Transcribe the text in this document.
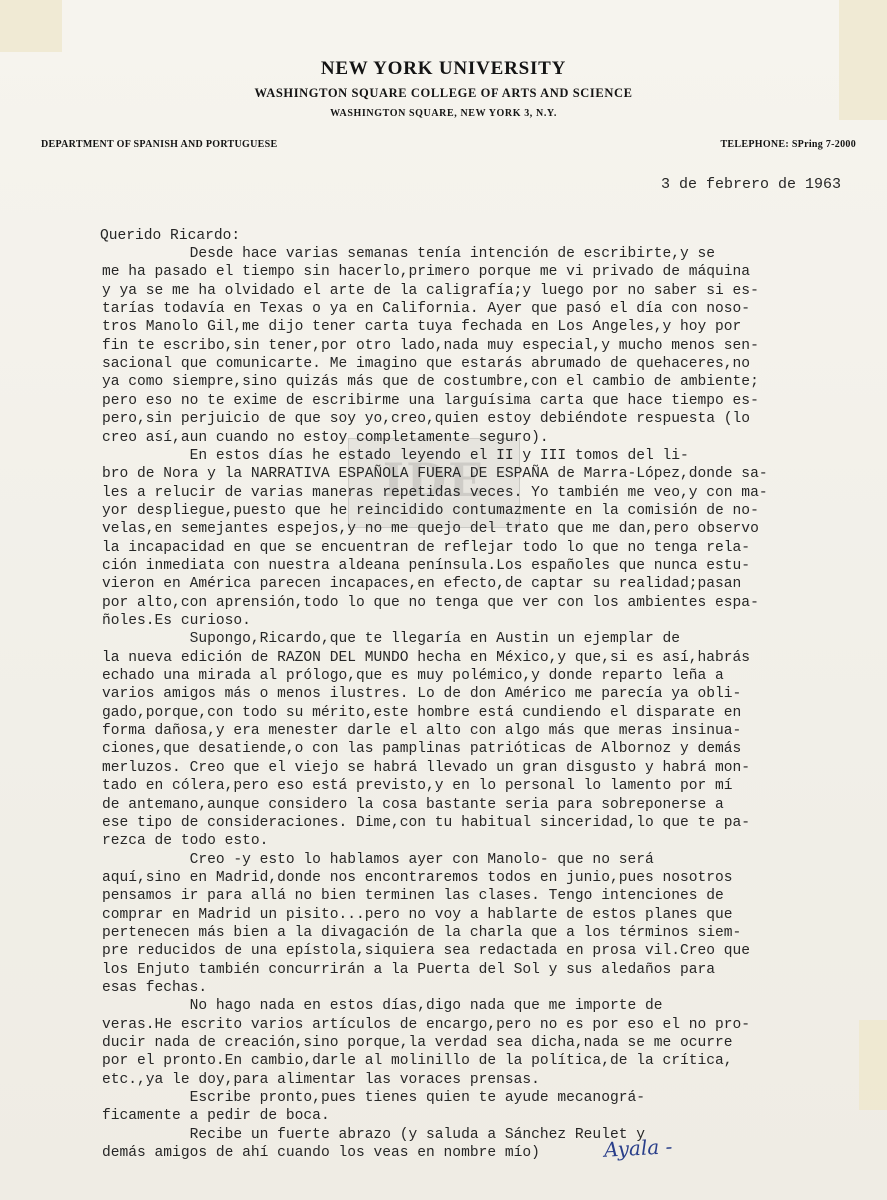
NEW YORK UNIVERSITY
WASHINGTON SQUARE COLLEGE OF ARTS AND SCIENCE
WASHINGTON SQUARE, NEW YORK 3, N.Y.
DEPARTMENT OF SPANISH AND PORTUGUESE	TELEPHONE: SPring 7-2000
3 de febrero de 1963
Querido Ricardo:
IDE
Desde hace varias semanas tenía intención de escribirte,y se
me ha pasado el tiempo sin hacerlo,primero porque me vi privado de máquina
y ya se me ha olvidado el arte de la caligrafía;y luego por no saber si es-
tarías todavía en Texas o ya en California. Ayer que pasó el día con noso-
tros Manolo Gil,me dijo tener carta tuya fechada en Los Angeles,y hoy por
fin te escribo,sin tener,por otro lado,nada muy especial,y mucho menos sen-
sacional que comunicarte. Me imagino que estarás abrumado de quehaceres,no
ya como siempre,sino quizás más que de costumbre,con el cambio de ambiente;
pero eso no te exime de escribirme una larguísima carta que hace tiempo es-
pero,sin perjuicio de que soy yo,creo,quien estoy debiéndote respuesta (lo
creo así,aun cuando no estoy completamente seguro).
En estos días he estado leyendo el II y III tomos del li-
bro de Nora y la NARRATIVA ESPAÑOLA FUERA DE ESPAÑA de Marra-López,donde sa-
les a relucir de varias maneras repetidas veces. Yo también me veo,y con ma-
yor despliegue,puesto que he reincidido contumazmente en la comisión de no-
velas,en semejantes espejos,y no me quejo del trato que me dan,pero observo
la incapacidad en que se encuentran de reflejar todo lo que no tenga rela-
ción inmediata con nuestra aldeana península.Los españoles que nunca estu-
vieron en América parecen incapaces,en efecto,de captar su realidad;pasan
por alto,con aprensión,todo lo que no tenga que ver con los ambientes espa-
ñoles.Es curioso.
Supongo,Ricardo,que te llegaría en Austin un ejemplar de
la nueva edición de RAZON DEL MUNDO hecha en México,y que,si es así,habrás
echado una mirada al prólogo,que es muy polémico,y donde reparto leña a
varios amigos más o menos ilustres. Lo de don Américo me parecía ya obli-
gado,porque,con todo su mérito,este hombre está cundiendo el disparate en
forma dañosa,y era menester darle el alto con algo más que meras insinua-
ciones,que desatiende,o con las pamplinas patrióticas de Albornoz y demás
merluzos. Creo que el viejo se habrá llevado un gran disgusto y habrá mon-
tado en cólera,pero eso está previsto,y en lo personal lo lamento por mí
de antemano,aunque considero la cosa bastante seria para sobreponerse a
ese tipo de consideraciones. Dime,con tu habitual sinceridad,lo que te pa-
rezca de todo esto.
Creo -y esto lo hablamos ayer con Manolo- que no será
aquí,sino en Madrid,donde nos encontraremos todos en junio,pues nosotros
pensamos ir para allá no bien terminen las clases. Tengo intenciones de
comprar en Madrid un pisito...pero no voy a hablarte de estos planes que
pertenecen más bien a la divagación de la charla que a los términos siem-
pre reducidos de una epístola,siquiera sea redactada en prosa vil.Creo que
los Enjuto también concurrirán a la Puerta del Sol y sus aledaños para
esas fechas.
No hago nada en estos días,digo nada que me importe de
veras.He escrito varios artículos de encargo,pero no es por eso el no pro-
ducir nada de creación,sino porque,la verdad sea dicha,nada se me ocurre
por el pronto.En cambio,darle al molinillo de la política,de la crítica,
etc.,ya le doy,para alimentar las voraces prensas.
Escribe pronto,pues tienes quien te ayude mecanográ-
ficamente a pedir de boca.
Recibe un fuerte abrazo (y saluda a Sánchez Reulet y
demás amigos de ahí cuando los veas en nombre mío)	Ayala -
